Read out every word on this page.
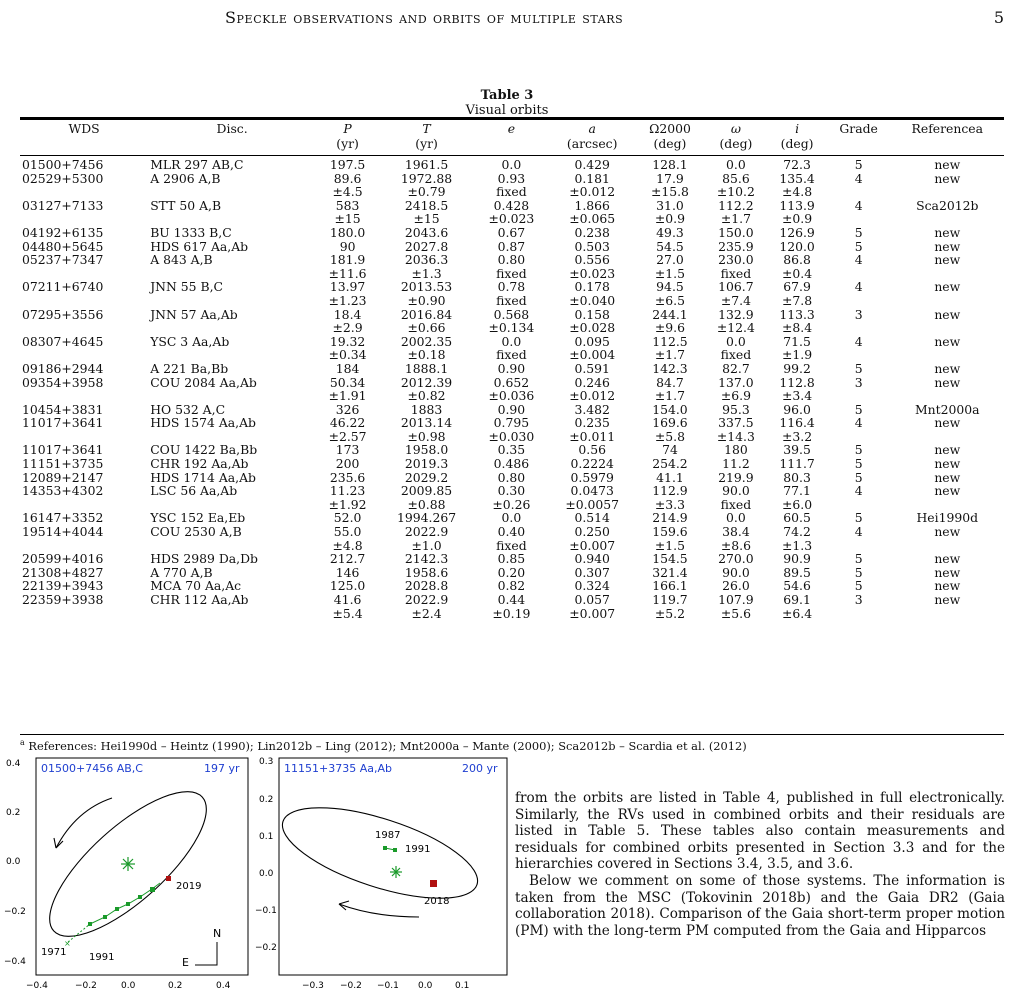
Speckle observations and orbits of multiple stars	5
Table 3
Visual orbits
WDS	Disc.	P	T	e	a	Ω2000	ω	i	Grade	Referencea
		(yr)	(yr)		(arcsec)	(deg)	(deg)	(deg)		

01500+7456	MLR 297 AB,C	197.5	1961.5	0.0	0.429	128.1	0.0	72.3	5	new
02529+5300	A 2906 A,B	89.6	1972.88	0.93	0.181	17.9	85.6	135.4	4	new
		±4.5	±0.79	fixed	±0.012	±15.8	±10.2	±4.8		
03127+7133	STT 50 A,B	583	2418.5	0.428	1.866	31.0	112.2	113.9	4	Sca2012b
		±15	±15	±0.023	±0.065	±0.9	±1.7	±0.9		
04192+6135	BU 1333 B,C	180.0	2043.6	0.67	0.238	49.3	150.0	126.9	5	new
04480+5645	HDS 617 Aa,Ab	90	2027.8	0.87	0.503	54.5	235.9	120.0	5	new
05237+7347	A 843 A,B	181.9	2036.3	0.80	0.556	27.0	230.0	86.8	4	new
		±11.6	±1.3	fixed	±0.023	±1.5	fixed	±0.4		
07211+6740	JNN 55 B,C	13.97	2013.53	0.78	0.178	94.5	106.7	67.9	4	new
		±1.23	±0.90	fixed	±0.040	±6.5	±7.4	±7.8		
07295+3556	JNN 57 Aa,Ab	18.4	2016.84	0.568	0.158	244.1	132.9	113.3	3	new
		±2.9	±0.66	±0.134	±0.028	±9.6	±12.4	±8.4		
08307+4645	YSC 3 Aa,Ab	19.32	2002.35	0.0	0.095	112.5	0.0	71.5	4	new
		±0.34	±0.18	fixed	±0.004	±1.7	fixed	±1.9		
09186+2944	A 221 Ba,Bb	184	1888.1	0.90	0.591	142.3	82.7	99.2	5	new
09354+3958	COU 2084 Aa,Ab	50.34	2012.39	0.652	0.246	84.7	137.0	112.8	3	new
		±1.91	±0.82	±0.036	±0.012	±1.7	±6.9	±3.4		
10454+3831	HO 532 A,C	326	1883	0.90	3.482	154.0	95.3	96.0	5	Mnt2000a
11017+3641	HDS 1574 Aa,Ab	46.22	2013.14	0.795	0.235	169.6	337.5	116.4	4	new
		±2.57	±0.98	±0.030	±0.011	±5.8	±14.3	±3.2		
11017+3641	COU 1422 Ba,Bb	173	1958.0	0.35	0.56	74	180	39.5	5	new
11151+3735	CHR 192 Aa,Ab	200	2019.3	0.486	0.2224	254.2	11.2	111.7	5	new
12089+2147	HDS 1714 Aa,Ab	235.6	2029.2	0.80	0.5979	41.1	219.9	80.3	5	new
14353+4302	LSC 56 Aa,Ab	11.23	2009.85	0.30	0.0473	112.9	90.0	77.1	4	new
		±1.92	±0.88	±0.26	±0.0057	±3.3	fixed	±6.0		
16147+3352	YSC 152 Ea,Eb	52.0	1994.267	0.0	0.514	214.9	0.0	60.5	5	Hei1990d
19514+4044	COU 2530 A,B	55.0	2022.9	0.40	0.250	159.6	38.4	74.2	4	new
		±4.8	±1.0	fixed	±0.007	±1.5	±8.6	±1.3		
20599+4016	HDS 2989 Da,Db	212.7	2142.3	0.85	0.940	154.5	270.0	90.9	5	new
21308+4827	A 770 A,B	146	1958.6	0.20	0.307	321.4	90.0	89.5	5	new
22139+3943	MCA 70 Aa,Ac	125.0	2028.8	0.82	0.324	166.1	26.0	54.6	5	new
22359+3938	CHR 112 Aa,Ab	41.6	2022.9	0.44	0.057	119.7	107.9	69.1	3	new
		±5.4	±2.4	±0.19	±0.007	±5.2	±5.6	±6.4		
$^a$ References: Hei1990d – Heintz (1990); Lin2012b – Ling (2012); Mnt2000a – Mante (2000); Sca2012b – Scardia et al. (2012)
0.4
0.2
0.0
−0.2
−0.4
−0.4	−0.2	0.0	0.2	0.4
01500+7456 AB,C	197 yr
×
2019
1971 1991
N
E
0.3
0.2
0.1
0.0
−0.1
−0.2
−0.3 −0.2 −0.1 0.0	0.1
11151+3735 Aa,Ab	200 yr
1987
1991
2018

from the orbits are listed in Table 4, published in full electronically. Similarly, the RVs used in combined orbits and their residuals are listed in Table 5. These tables also contain measurements and residuals for combined orbits presented in Section 3.3 and for the hierarchies covered in Sections 3.4, 3.5, and 3.6.

Below we comment on some of those systems. The information is taken from the MSC (Tokovinin 2018b) and the Gaia DR2 (Gaia collaboration 2018). Comparison of the Gaia short-term proper motion (PM) with the long-term PM computed from the Gaia and Hipparcos
